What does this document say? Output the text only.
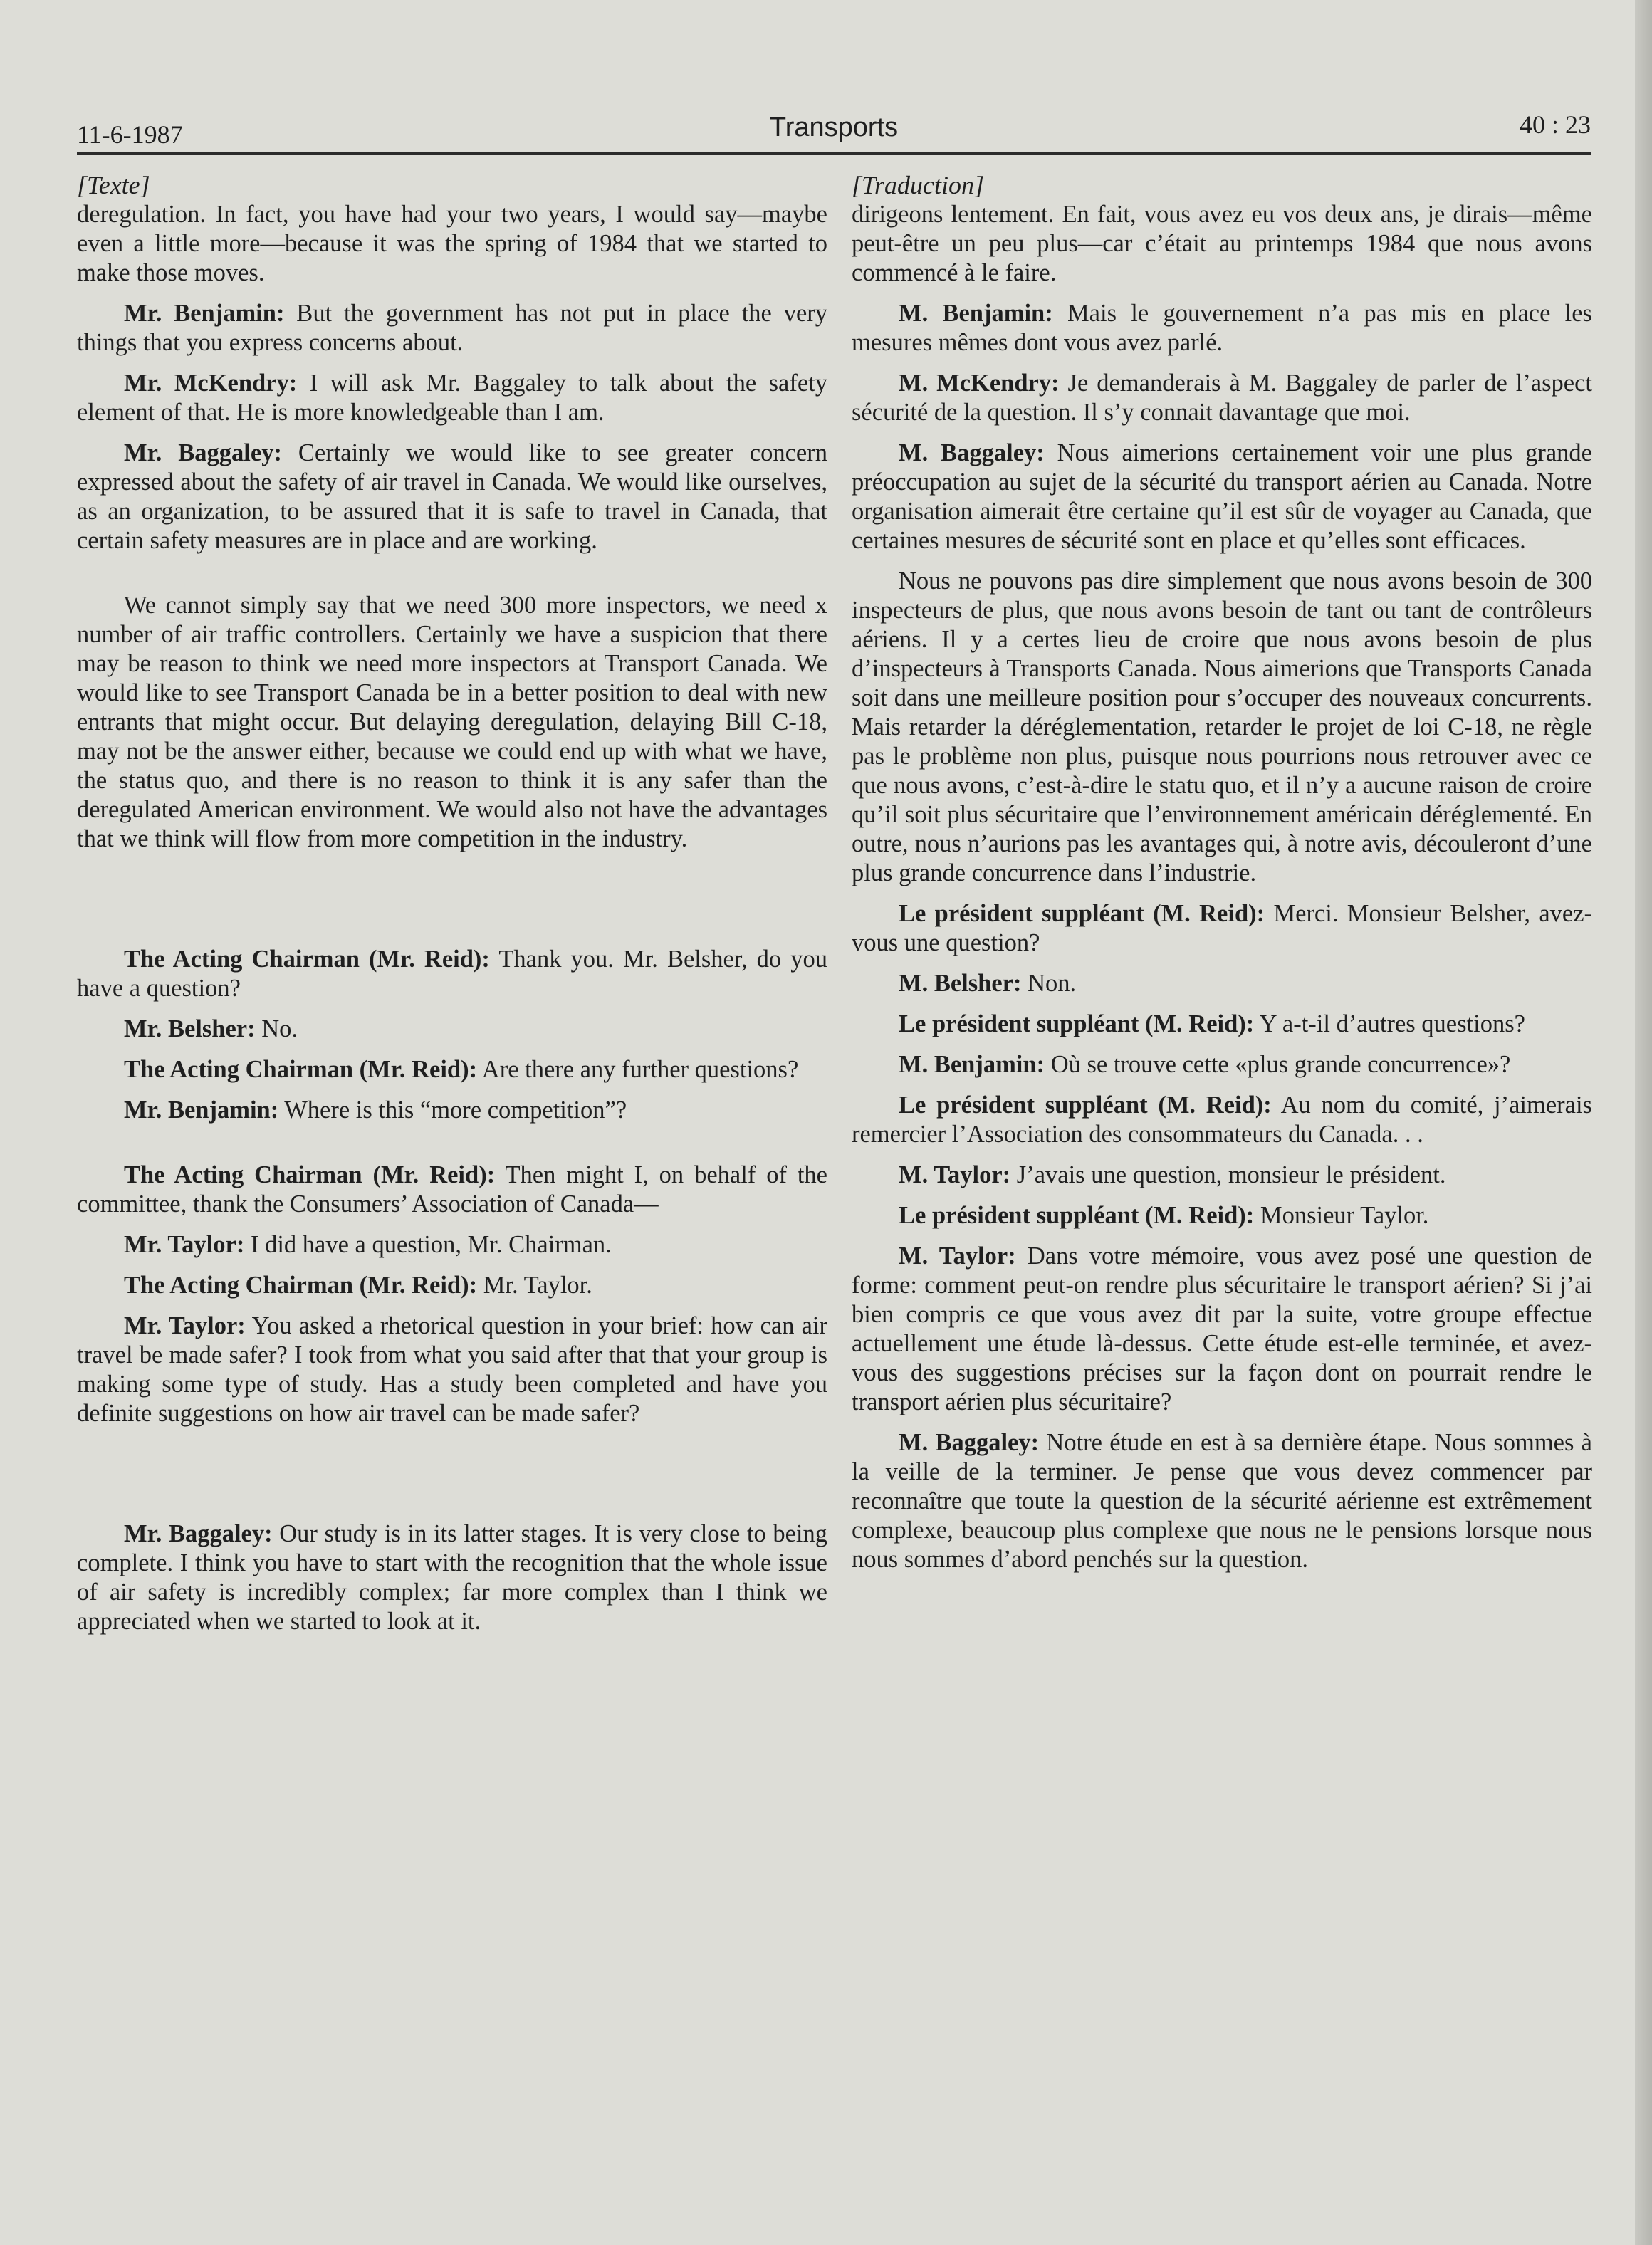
11-6-1987	Transports	40 : 23

[Texte]

deregulation. In fact, you have had your two years, I would say—maybe even a little more—because it was the spring of 1984 that we started to make those moves.

Mr. Benjamin: But the government has not put in place the very things that you express concerns about.

Mr. McKendry: I will ask Mr. Baggaley to talk about the safety element of that. He is more knowledgeable than I am.

Mr. Baggaley: Certainly we would like to see greater concern expressed about the safety of air travel in Canada. We would like ourselves, as an organization, to be assured that it is safe to travel in Canada, that certain safety measures are in place and are working.

We cannot simply say that we need 300 more inspectors, we need x number of air traffic controllers. Certainly we have a suspicion that there may be reason to think we need more inspectors at Transport Canada. We would like to see Transport Canada be in a better position to deal with new entrants that might occur. But delaying deregulation, delaying Bill C-18, may not be the answer either, because we could end up with what we have, the status quo, and there is no reason to think it is any safer than the deregulated American environment. We would also not have the advantages that we think will flow from more competition in the industry.

The Acting Chairman (Mr. Reid): Thank you. Mr. Belsher, do you have a question?

Mr. Belsher: No.

The Acting Chairman (Mr. Reid): Are there any further questions?

Mr. Benjamin: Where is this “more competition”?

The Acting Chairman (Mr. Reid): Then might I, on behalf of the committee, thank the Consumers’ Association of Canada—

Mr. Taylor: I did have a question, Mr. Chairman.

The Acting Chairman (Mr. Reid): Mr. Taylor.

Mr. Taylor: You asked a rhetorical question in your brief: how can air travel be made safer? I took from what you said after that that your group is making some type of study. Has a study been completed and have you definite suggestions on how air travel can be made safer?

Mr. Baggaley: Our study is in its latter stages. It is very close to being complete. I think you have to start with the recognition that the whole issue of air safety is incredibly complex; far more complex than I think we appreciated when we started to look at it.

[Traduction]

dirigeons lentement. En fait, vous avez eu vos deux ans, je dirais—même peut-être un peu plus—car c’était au printemps 1984 que nous avons commencé à le faire.

M. Benjamin: Mais le gouvernement n’a pas mis en place les mesures mêmes dont vous avez parlé.

M. McKendry: Je demanderais à M. Baggaley de parler de l’aspect sécurité de la question. Il s’y connait davantage que moi.

M. Baggaley: Nous aimerions certainement voir une plus grande préoccupation au sujet de la sécurité du transport aérien au Canada. Notre organisation aimerait être certaine qu’il est sûr de voyager au Canada, que certaines mesures de sécurité sont en place et qu’elles sont efficaces.

Nous ne pouvons pas dire simplement que nous avons besoin de 300 inspecteurs de plus, que nous avons besoin de tant ou tant de contrôleurs aériens. Il y a certes lieu de croire que nous avons besoin de plus d’inspecteurs à Transports Canada. Nous aimerions que Transports Canada soit dans une meilleure position pour s’occuper des nouveaux concurrents. Mais retarder la déréglementation, retarder le projet de loi C-18, ne règle pas le problème non plus, puisque nous pourrions nous retrouver avec ce que nous avons, c’est-à-dire le statu quo, et il n’y a aucune raison de croire qu’il soit plus sécuritaire que l’environnement américain déréglementé. En outre, nous n’aurions pas les avantages qui, à notre avis, découleront d’une plus grande concurrence dans l’industrie.

Le président suppléant (M. Reid): Merci. Monsieur Belsher, avez-vous une question?

M. Belsher: Non.

Le président suppléant (M. Reid): Y a-t-il d’autres questions?

M. Benjamin: Où se trouve cette «plus grande concurrence»?

Le président suppléant (M. Reid): Au nom du comité, j’aimerais remercier l’Association des consommateurs du Canada. . .

M. Taylor: J’avais une question, monsieur le président.

Le président suppléant (M. Reid): Monsieur Taylor.

M. Taylor: Dans votre mémoire, vous avez posé une question de forme: comment peut-on rendre plus sécuritaire le transport aérien? Si j’ai bien compris ce que vous avez dit par la suite, votre groupe effectue actuellement une étude là-dessus. Cette étude est-elle terminée, et avez-vous des suggestions précises sur la façon dont on pourrait rendre le transport aérien plus sécuritaire?

M. Baggaley: Notre étude en est à sa dernière étape. Nous sommes à la veille de la terminer. Je pense que vous devez commencer par reconnaître que toute la question de la sécurité aérienne est extrêmement complexe, beaucoup plus complexe que nous ne le pensions lorsque nous nous sommes d’abord penchés sur la question.
